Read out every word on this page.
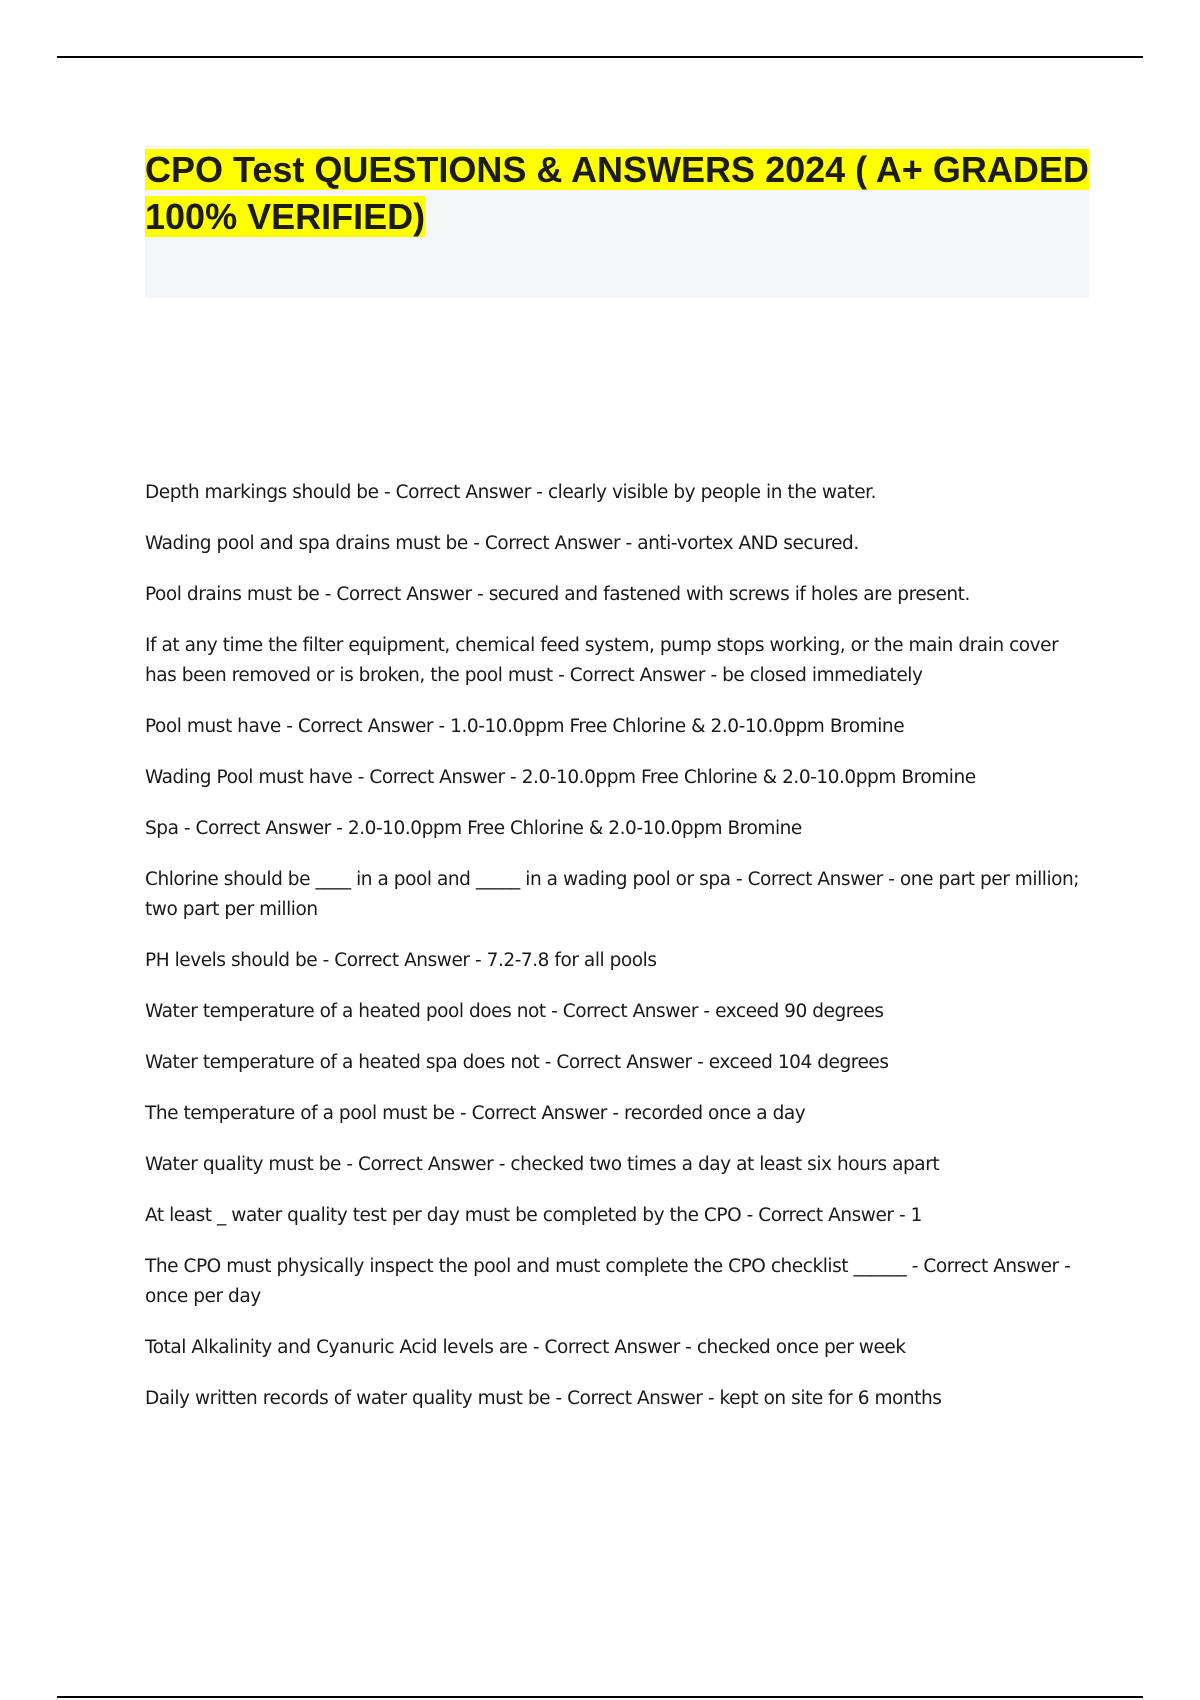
CPO Test QUESTIONS & ANSWERS 2024 ( A+ GRADED 100% VERIFIED)

Depth markings should be - Correct Answer - clearly visible by people in the water.

Wading pool and spa drains must be - Correct Answer - anti-vortex AND secured.

Pool drains must be - Correct Answer - secured and fastened with screws if holes are present.

If at any time the filter equipment, chemical feed system, pump stops working, or the main drain cover has been removed or is broken, the pool must - Correct Answer - be closed immediately

Pool must have - Correct Answer - 1.0-10.0ppm Free Chlorine & 2.0-10.0ppm Bromine

Wading Pool must have - Correct Answer - 2.0-10.0ppm Free Chlorine & 2.0-10.0ppm Bromine

Spa - Correct Answer - 2.0-10.0ppm Free Chlorine & 2.0-10.0ppm Bromine

Chlorine should be ____ in a pool and _____ in a wading pool or spa - Correct Answer - one part per million; two part per million

PH levels should be - Correct Answer - 7.2-7.8 for all pools

Water temperature of a heated pool does not - Correct Answer - exceed 90 degrees

Water temperature of a heated spa does not - Correct Answer - exceed 104 degrees

The temperature of a pool must be - Correct Answer - recorded once a day

Water quality must be - Correct Answer - checked two times a day at least six hours apart

At least _ water quality test per day must be completed by the CPO - Correct Answer - 1

The CPO must physically inspect the pool and must complete the CPO checklist ______ - Correct Answer - once per day

Total Alkalinity and Cyanuric Acid levels are - Correct Answer - checked once per week

Daily written records of water quality must be - Correct Answer - kept on site for 6 months
